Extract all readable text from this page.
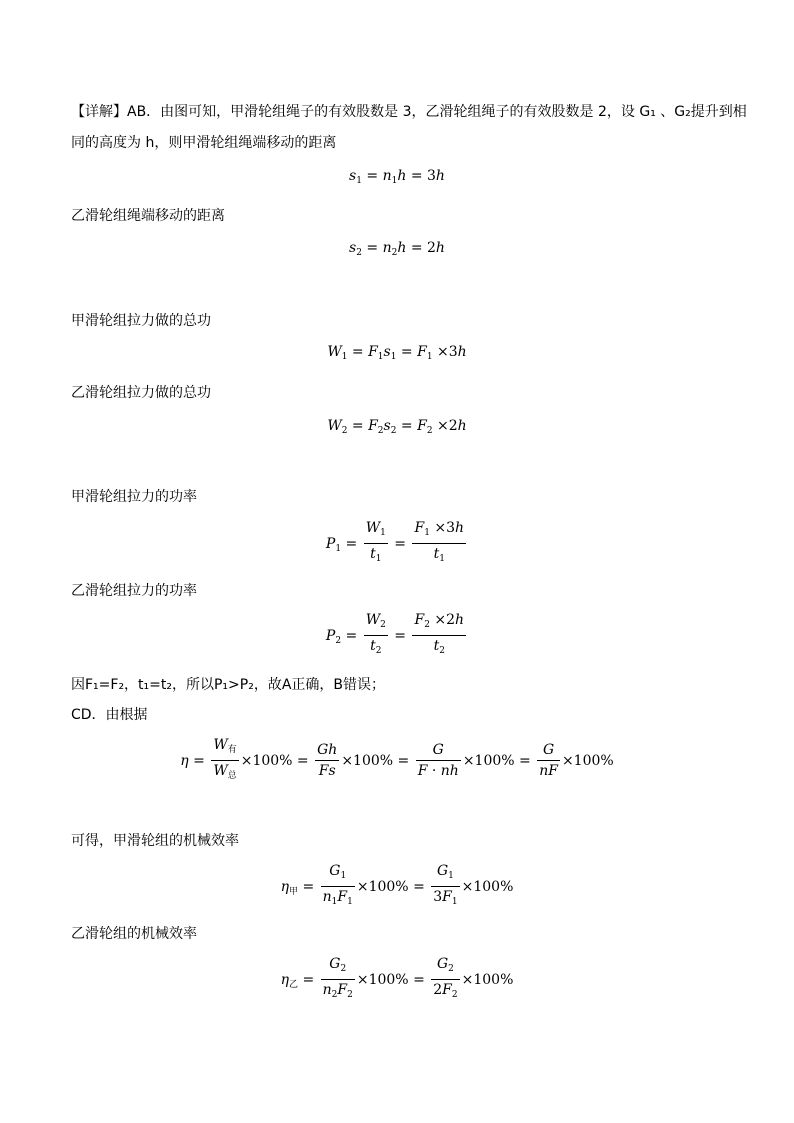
【详解】AB．由图可知，甲滑轮组绳子的有效股数是 3，乙滑轮组绳子的有效股数是 2，设 G₁ 、G₂提升到相
同的高度为 h，则甲滑轮组绳端移动的距离
$s_1 = n_1h = 3h$
乙滑轮组绳端移动的距离
$s_2 = n_2h = 2h$
甲滑轮组拉力做的总功
$W_1 = F_1s_1 = F_1 \times 3h$
乙滑轮组拉力做的总功
$W_2 = F_2s_2 = F_2 \times 2h$
甲滑轮组拉力的功率
$P_1 = \frac{W_1}{t_1} = \frac{F_1 \times 3h}{t_1}$
乙滑轮组拉力的功率
$P_2 = \frac{W_2}{t_2} = \frac{F_2 \times 2h}{t_2}$
因F₁=F₂，t₁=t₂，所以P₁>P₂，故A正确，B错误；
CD．由根据
$\eta = \frac{W_有}{W_总} \times 100\% = \frac{Gh}{Fs} \times 100\% = \frac{G}{F \cdot nh} \times 100\% = \frac{G}{nF} \times 100\%$
可得，甲滑轮组的机械效率
$\eta_甲 = \frac{G_1}{n_1F_1} \times 100\% = \frac{G_1}{3F_1} \times 100\%$
乙滑轮组的机械效率
$\eta_乙 = \frac{G_2}{n_2F_2} \times 100\% = \frac{G_2}{2F_2} \times 100\%$
